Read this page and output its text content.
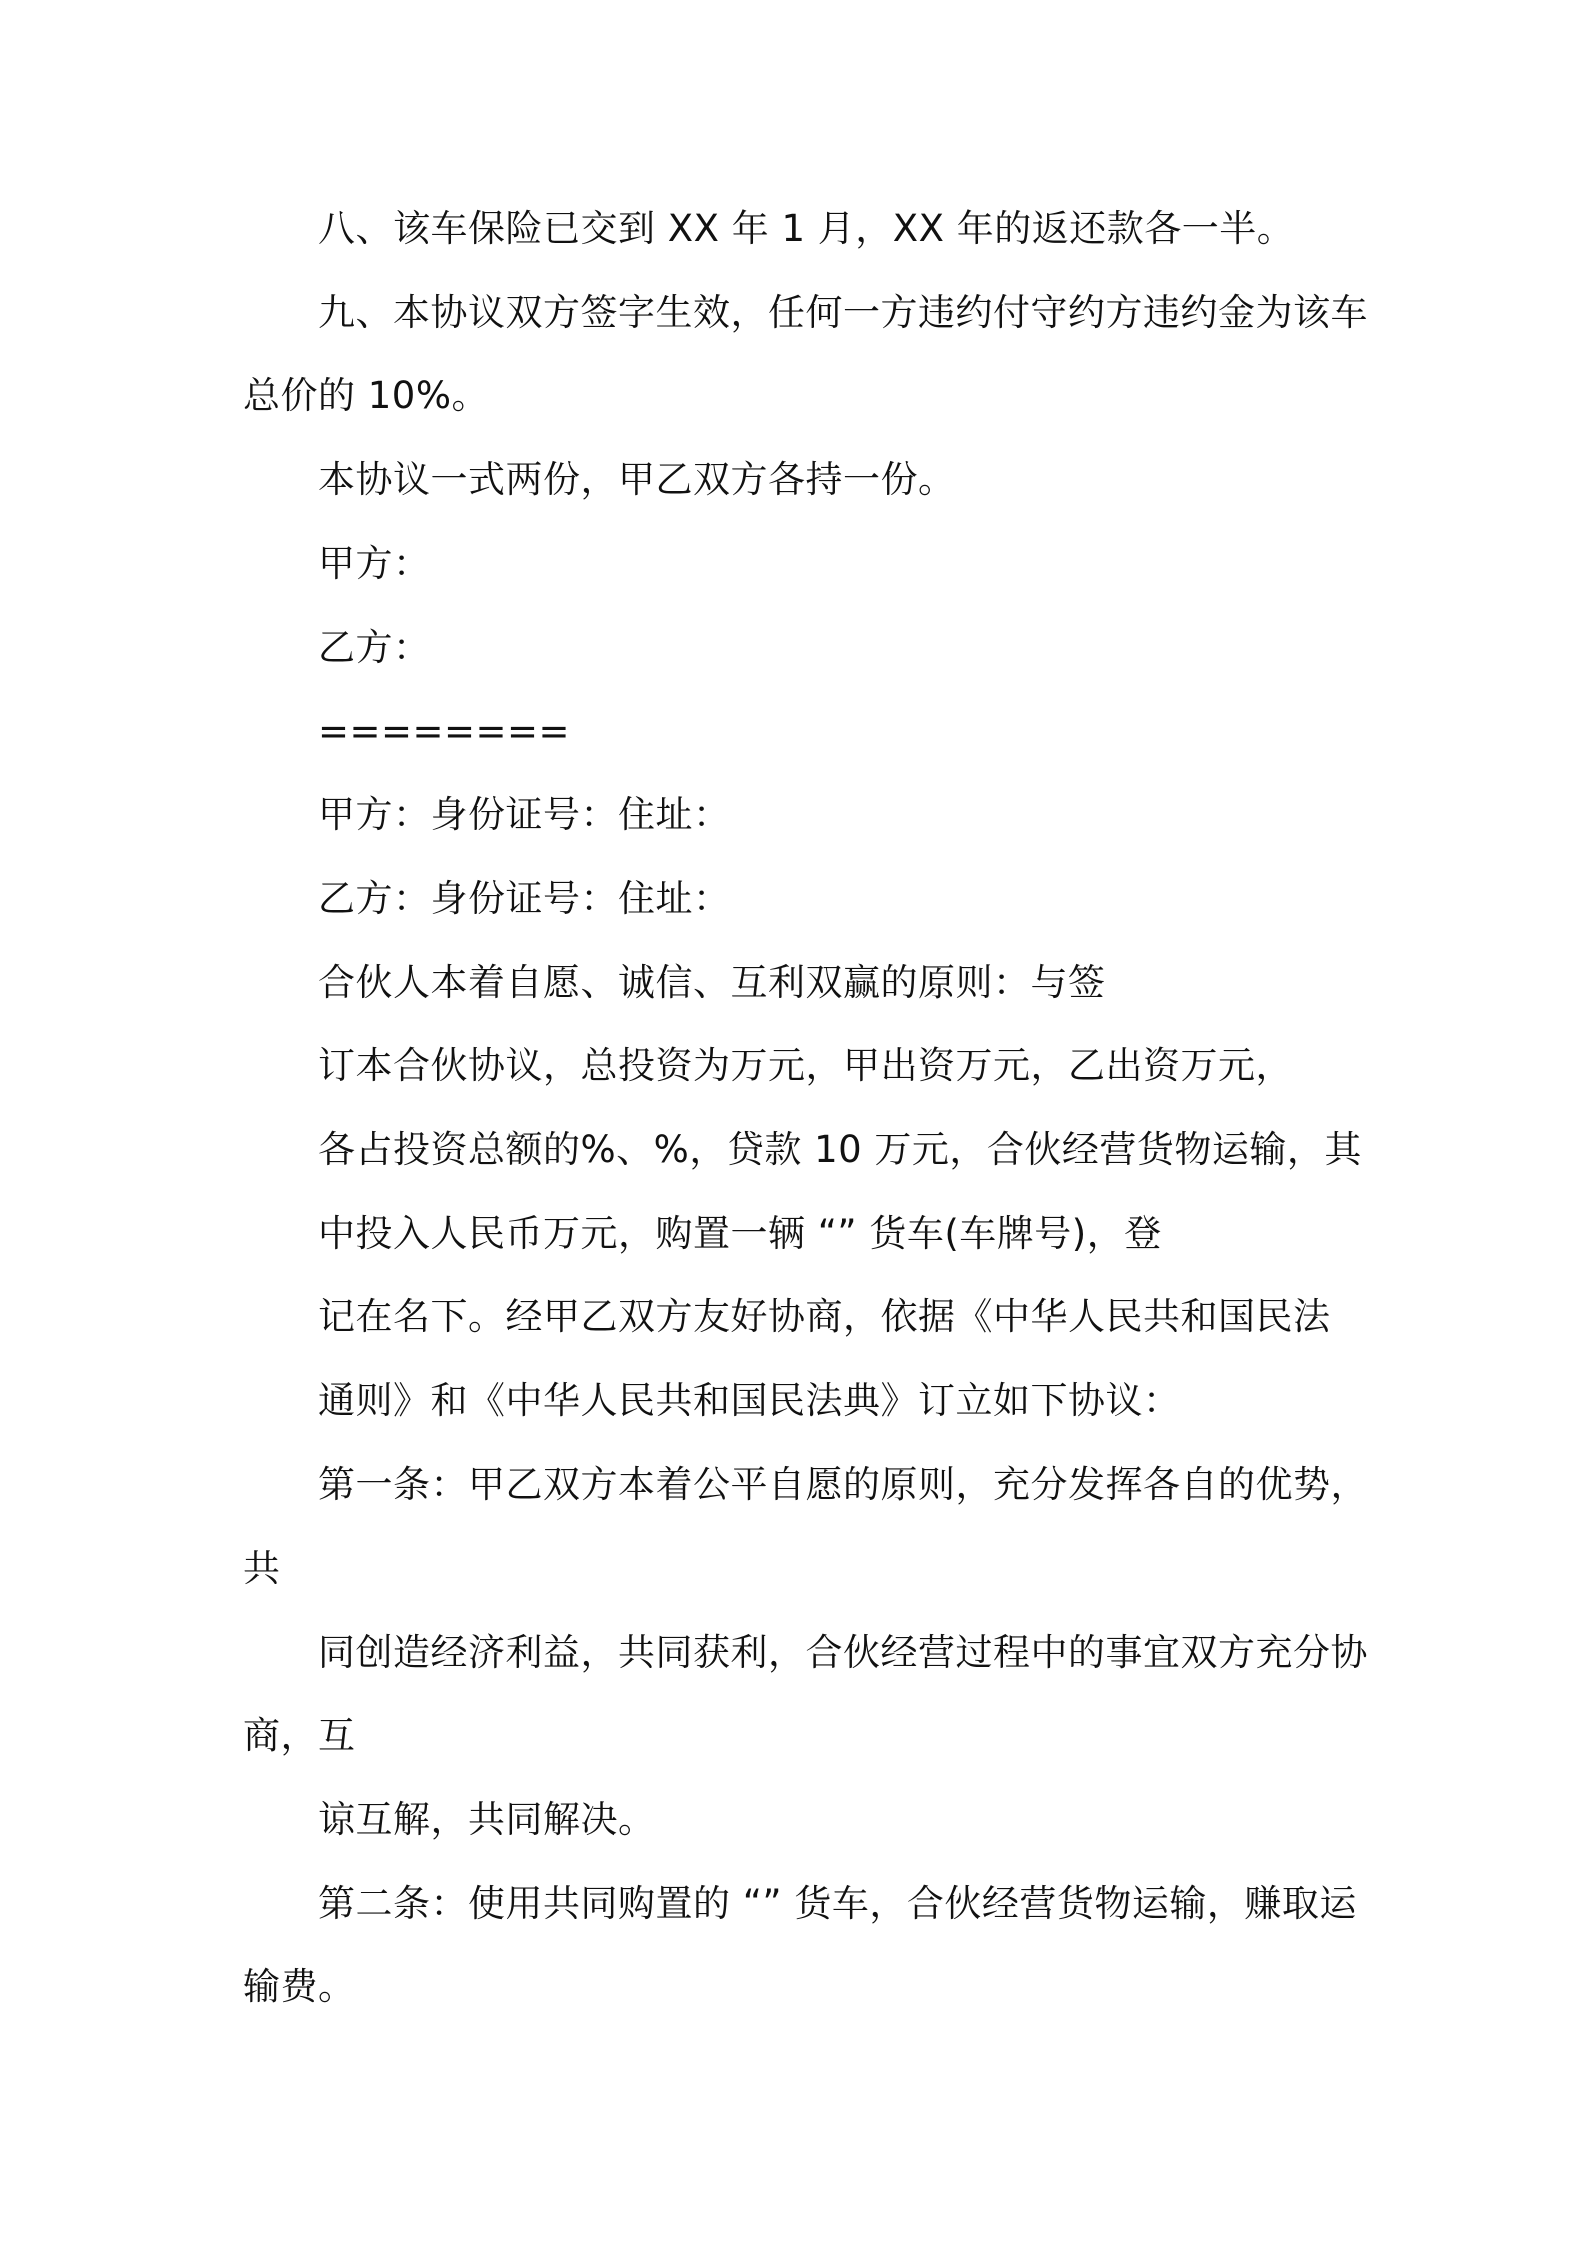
八、该车保险已交到 XX 年 1 月，XX 年的返还款各一半。
九、本协议双方签字生效，任何一方违约付守约方违约金为该车
总价的 10%。
本协议一式两份，甲乙双方各持一份。
甲方：
乙方：
========
甲方：身份证号：住址：
乙方：身份证号：住址：
合伙人本着自愿、诚信、互利双赢的原则：与签
订本合伙协议，总投资为万元，甲出资万元，乙出资万元，
各占投资总额的%、%，贷款 10 万元，合伙经营货物运输，其
中投入人民币万元，购置一辆 “” 货车(车牌号)，登
记在名下。经甲乙双方友好协商，依据《中华人民共和国民法
通则》和《中华人民共和国民法典》订立如下协议：
第一条：甲乙双方本着公平自愿的原则，充分发挥各自的优势，
共
同创造经济利益，共同获利，合伙经营过程中的事宜双方充分协
商，互
谅互解，共同解决。
第二条：使用共同购置的 “” 货车，合伙经营货物运输，赚取运
输费。
